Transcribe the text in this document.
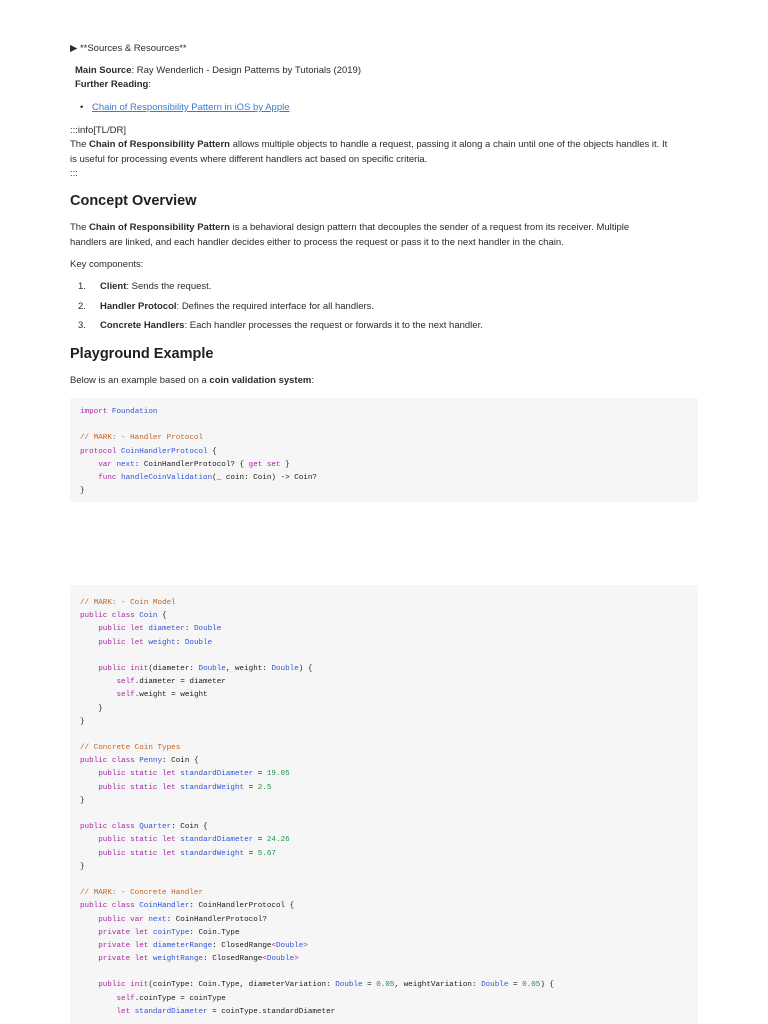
▶ **Sources & Resources**
Main Source: Ray Wenderlich - Design Patterns by Tutorials (2019)
Further Reading:
• Chain of Responsibility Pattern in iOS by Apple
:::info[TL/DR]
The Chain of Responsibility Pattern allows multiple objects to handle a request, passing it along a chain until one of the objects handles it. It
is useful for processing events where different handlers act based on specific criteria.
:::
Concept Overview
The Chain of Responsibility Pattern is a behavioral design pattern that decouples the sender of a request from its receiver. Multiple
handlers are linked, and each handler decides either to process the request or pass it to the next handler in the chain.
Key components:
1. Client: Sends the request.
2. Handler Protocol: Defines the required interface for all handlers.
3. Concrete Handlers: Each handler processes the request or forwards it to the next handler.
Playground Example
Below is an example based on a coin validation system:

import Foundation

// MARK: - Handler Protocol
protocol CoinHandlerProtocol {
var next: CoinHandlerProtocol? { get set }
func handleCoinValidation(_ coin: Coin) -> Coin?
}

// MARK: - Coin Model
public class Coin {
public let diameter: Double
public let weight: Double

public init(diameter: Double, weight: Double) {
self.diameter = diameter
self.weight = weight
}
}

// Concrete Coin Types
public class Penny: Coin {
public static let standardDiameter = 19.05
public static let standardWeight = 2.5
}

public class Quarter: Coin {
public static let standardDiameter = 24.26
public static let standardWeight = 5.67
}

// MARK: - Concrete Handler
public class CoinHandler: CoinHandlerProtocol {
public var next: CoinHandlerProtocol?
private let coinType: Coin.Type
private let diameterRange: ClosedRange<Double>
private let weightRange: ClosedRange<Double>

public init(coinType: Coin.Type, diameterVariation: Double = 0.05, weightVariation: Double = 0.05) {
self.coinType = coinType
let standardDiameter = coinType.standardDiameter
